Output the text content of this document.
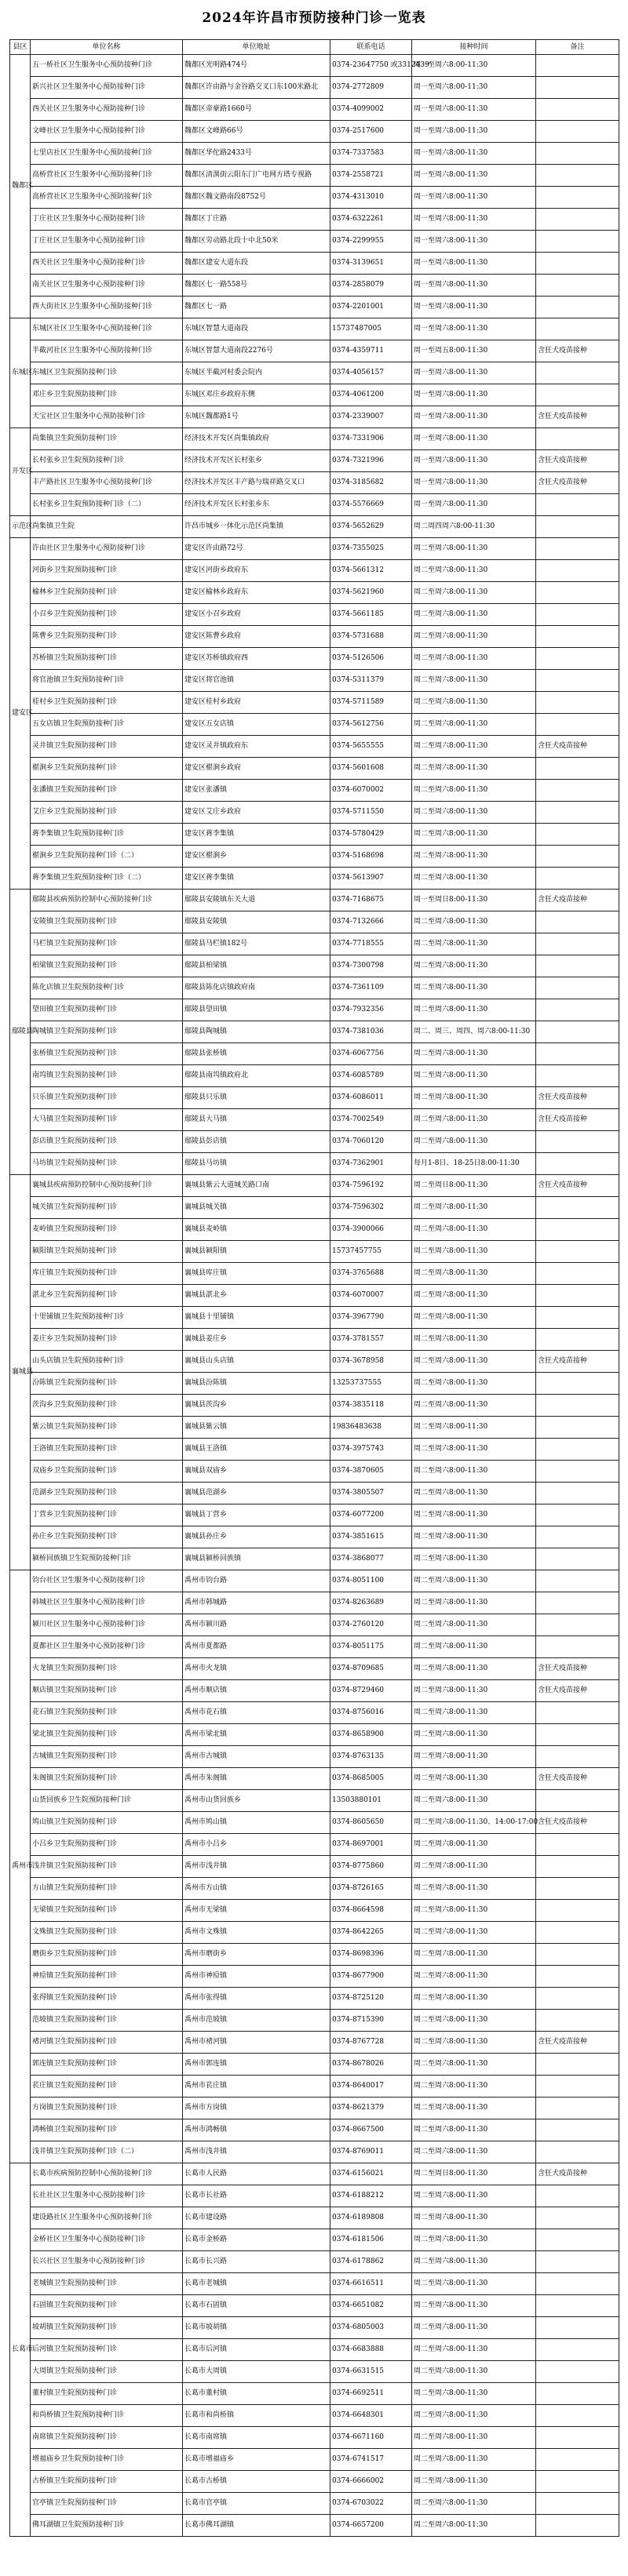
2024年许昌市预防接种门诊一览表
县区	单位名称	单位地址	联系电话	接种时间	备注
魏都区	五一桥社区卫生服务中心预防接种门诊	魏都区光明路474号	0374-23647750 或3312439	周一至周六8:00-11:30	
	新兴社区卫生服务中心预防接种门诊	魏都区许由路与金谷路交叉口东100米路北	0374-2772809	周一至周六8:00-11:30	
	西关社区卫生服务中心预防接种门诊	魏都区帝豪路1660号	0374-4099002	周一至周六8:00-11:30	
	文峰社区卫生服务中心预防接种门诊	魏都区文峰路66号	0374-2517600	周一至周六8:00-11:30	
	七里店社区卫生服务中心预防接种门诊	魏都区华佗路2433号	0374-7337583	周一至周六8:00-11:30	
	高桥营社区卫生服务中心预防接种门诊	魏都区清潩街云阳东门广电网方塔专视路	0374-2558721	周一至周六8:00-11:30	
	高桥营社区卫生服务中心预防接种门诊	魏都区魏文路南段8752号	0374-4313010	周一至周六8:00-11:30	
	丁庄社区卫生服务中心预防接种门诊	魏都区丁庄路	0374-6322261	周一至周六8:00-11:30	
	丁庄社区卫生服务中心预防接种门诊	魏都区劳动路北段十中北50米	0374-2299955	周一至周六8:00-11:30	
	西关社区卫生服务中心预防接种门诊	魏都区建安大道东段	0374-3139651	周一至周六8:00-11:30	
	南关社区卫生服务中心预防接种门诊	魏都区七一路558号	0374-2858079	周一至周六8:00-11:30	
	西大街社区卫生服务中心预防接种门诊	魏都区七一路	0374-2201001	周一至周六8:00-11:30	
东城区	东城区社区卫生服务中心预防接种门诊	东城区智慧大道南段	15737487005	周一至周六8:00-11:30	
	半截河社区卫生服务中心预防接种门诊	东城区智慧大道南段2276号	0374-4359711	周一至周五8:00-11:30	含狂犬疫苗接种
	东城区卫生院预防接种门诊	东城区半截河村委会院内	0374-4056157	周一至周六8:00-11:30	
	邓庄乡卫生院预防接种门诊	东城区邓庄乡政府东侧	0374-4061200	周一至周六8:00-11:30	
	天宝社区卫生服务中心预防接种门诊	东城区魏都路1号	0374-2339007	周一至周六8:00-11:30	含狂犬疫苗接种
开发区	尚集镇卫生院预防接种门诊	经济技术开发区尚集镇政府	0374-7331906	周一至周六8:00-11:30	
	长村张乡卫生院预防接种门诊	经济技术开发区长村张乡	0374-7321996	周一至周六8:00-11:30	含狂犬疫苗接种
	丰产路社区卫生服务中心预防接种门诊	经济技术开发区丰产路与瑞祥路交叉口	0374-3185682	周一至周六8:00-11:30	含狂犬疫苗接种
	长村张乡卫生院预防接种门诊（二）	经济技术开发区长村张乡东	0374-5576669	周一至周六8:00-11:30	
示范区	尚集镇卫生院	许昌市城乡一体化示范区尚集镇	0374-5652629	周二周四周六8:00-11:30	
建安区	许由社区卫生服务中心预防接种门诊	建安区许由路72号	0374-7355025	周二至周六8:00-11:30	
	河街乡卫生院预防接种门诊	建安区河街乡政府东	0374-5661312	周二至周六8:00-11:30	
	榆林乡卫生院预防接种门诊	建安区榆林乡政府东	0374-5621960	周二至周六8:00-11:30	
	小召乡卫生院预防接种门诊	建安区小召乡政府	0374-5661185	周二至周六8:00-11:30	
	陈曹乡卫生院预防接种门诊	建安区陈曹乡政府	0374-5731688	周二至周六8:00-11:30	
	苏桥镇卫生院预防接种门诊	建安区苏桥镇政府西	0374-5126506	周二至周六8:00-11:30	
	将官池镇卫生院预防接种门诊	建安区将官池镇	0374-5311379	周二至周六8:00-11:30	
	桂村乡卫生院预防接种门诊	建安区桂村乡政府	0374-5711589	周二至周六8:00-11:30	
	五女店镇卫生院预防接种门诊	建安区五女店镇	0374-5612756	周二至周六8:00-11:30	
	灵井镇卫生院预防接种门诊	建安区灵井镇政府东	0374-5655555	周二至周六8:00-11:30	含狂犬疫苗接种
	椹涧乡卫生院预防接种门诊	建安区椹涧乡政府	0374-5601608	周二至周六8:00-11:30	
	张潘镇卫生院预防接种门诊	建安区张潘镇	0374-6070002	周二至周六8:00-11:30	
	艾庄乡卫生院预防接种门诊	建安区艾庄乡政府	0374-5711550	周二至周六8:00-11:30	
	蒋李集镇卫生院预防接种门诊	建安区蒋李集镇	0374-5780429	周二至周六8:00-11:30	
	椹涧乡卫生院预防接种门诊（二）	建安区椹涧乡	0374-5168698	周二至周六8:00-11:30	
	蒋李集镇卫生院预防接种门诊（二）	建安区蒋李集镇	0374-5613907	周二至周六8:00-11:30	
鄢陵县	鄢陵县疾病预防控制中心预防接种门诊	鄢陵县安陵镇东关大道	0374-7168675	周一至周日8:00-11:30	含狂犬疫苗接种
	安陵镇卫生院预防接种门诊	鄢陵县安陵镇	0374-7132666	周二至周六8:00-11:30	
	马栏镇卫生院预防接种门诊	鄢陵县马栏镇182号	0374-7718555	周二至周六8:00-11:30	
	柏梁镇卫生院预防接种门诊	鄢陵县柏梁镇	0374-7300798	周二至周六8:00-11:30	
	陈化店镇卫生院预防接种门诊	鄢陵县陈化店镇政府南	0374-7361109	周二至周六8:00-11:30	
	望田镇卫生院预防接种门诊	鄢陵县望田镇	0374-7932356	周二至周六8:00-11:30	
	陶城镇卫生院预防接种门诊	鄢陵县陶城镇	0374-7381036	周二、周三、周四、周六8:00-11:30	
	张桥镇卫生院预防接种门诊	鄢陵县张桥镇	0374-6067756	周二至周六8:00-11:30	
	南坞镇卫生院预防接种门诊	鄢陵县南坞镇政府北	0374-6085789	周二至周六8:00-11:30	
	只乐镇卫生院预防接种门诊	鄢陵县只乐镇	0374-6086011	周二至周六8:00-11:30	含狂犬疫苗接种
	大马镇卫生院预防接种门诊	鄢陵县大马镇	0374-7002549	周二至周六8:00-11:30	含狂犬疫苗接种
	彭店镇卫生院预防接种门诊	鄢陵县彭店镇	0374-7060120	周二至周六8:00-11:30	
	马坊镇卫生院预防接种门诊	鄢陵县马坊镇	0374-7362901	每月1-8日、18-25日8:00-11:30	
襄城县	襄城县疾病预防控制中心预防接种门诊	襄城县紫云大道城关路口南	0374-7596192	周二至周日8:00-11:30	含狂犬疫苗接种
	城关镇卫生院预防接种门诊	襄城县城关镇	0374-7596302	周二至周六8:00-11:30	
	麦岭镇卫生院预防接种门诊	襄城县麦岭镇	0374-3900066	周二至周六8:00-11:30	
	颍阳镇卫生院预防接种门诊	襄城县颍阳镇	15737457755	周二至周六8:00-11:30	
	库庄镇卫生院预防接种门诊	襄城县库庄镇	0374-3765688	周二至周六8:00-11:30	
	湛北乡卫生院预防接种门诊	襄城县湛北乡	0374-6070007	周二至周六8:00-11:30	
	十里铺镇卫生院预防接种门诊	襄城县十里铺镇	0374-3967790	周二至周六8:00-11:30	
	姜庄乡卫生院预防接种门诊	襄城县姜庄乡	0374-3781557	周二至周六8:00-11:30	
	山头店镇卫生院预防接种门诊	襄城县山头店镇	0374-3678958	周二至周六8:00-11:30	含狂犬疫苗接种
	汾陈镇卫生院预防接种门诊	襄城县汾陈镇	13253737555	周二至周六8:00-11:30	
	茨沟乡卫生院预防接种门诊	襄城县茨沟乡	0374-3835118	周二至周六8:00-11:30	
	紫云镇卫生院预防接种门诊	襄城县紫云镇	19836483638	周二至周六8:00-11:30	
	王洛镇卫生院预防接种门诊	襄城县王洛镇	0374-3975743	周二至周六8:00-11:30	
	双庙乡卫生院预防接种门诊	襄城县双庙乡	0374-3870605	周二至周六8:00-11:30	
	范湖乡卫生院预防接种门诊	襄城县范湖乡	0374-3805507	周二至周六8:00-11:30	
	丁营乡卫生院预防接种门诊	襄城县丁营乡	0374-6077200	周二至周六8:00-11:30	
	孙庄乡卫生院预防接种门诊	襄城县孙庄乡	0374-3851615	周二至周六8:00-11:30	
	颍桥回族镇卫生院预防接种门诊	襄城县颍桥回族镇	0374-3868077	周二至周六8:00-11:30	
禹州市	钧台社区卫生服务中心预防接种门诊	禹州市钧台路	0374-8051100	周二至周六8:00-11:30	
	韩城社区卫生服务中心预防接种门诊	禹州市韩城路	0374-8263689	周二至周六8:00-11:30	
	颍川社区卫生服务中心预防接种门诊	禹州市颍川路	0374-2760120	周二至周六8:00-11:30	
	夏都社区卫生服务中心预防接种门诊	禹州市夏都路	0374-8051175	周二至周六8:00-11:30	
	火龙镇卫生院预防接种门诊	禹州市火龙镇	0374-8709685	周二至周六8:00-11:30	含狂犬疫苗接种
	顺店镇卫生院预防接种门诊	禹州市顺店镇	0374-8729460	周二至周六8:00-11:30	含狂犬疫苗接种
	花石镇卫生院预防接种门诊	禹州市花石镇	0374-8756016	周二至周六8:00-11:30	
	梁北镇卫生院预防接种门诊	禹州市梁北镇	0374-8658900	周二至周六8:00-11:30	
	古城镇卫生院预防接种门诊	禹州市古城镇	0374-8763135	周二至周六8:00-11:30	
	朱阁镇卫生院预防接种门诊	禹州市朱阁镇	0374-8685005	周二至周六8:00-11:30	含狂犬疫苗接种
	山货回族乡卫生院预防接种门诊	禹州市山货回族乡	13503880101	周二至周六8:00-11:30	
	鸠山镇卫生院预防接种门诊	禹州市鸠山镇	0374-8605650	周二至周六8:00-11:30、14:00-17:00	含狂犬疫苗接种
	小吕乡卫生院预防接种门诊	禹州市小吕乡	0374-8697001	周二至周六8:00-11:30	
	浅井镇卫生院预防接种门诊	禹州市浅井镇	0374-8775860	周二至周六8:00-11:30	
	方山镇卫生院预防接种门诊	禹州市方山镇	0374-8726165	周二至周六8:00-11:30	
	无梁镇卫生院预防接种门诊	禹州市无梁镇	0374-8664598	周二至周六8:00-11:30	
	文殊镇卫生院预防接种门诊	禹州市文殊镇	0374-8642265	周二至周六8:00-11:30	
	磨街乡卫生院预防接种门诊	禹州市磨街乡	0374-8698396	周二至周六8:00-11:30	
	神垕镇卫生院预防接种门诊	禹州市神垕镇	0374-8677900	周二至周六8:00-11:30	
	张得镇卫生院预防接种门诊	禹州市张得镇	0374-8725120	周二至周六8:00-11:30	
	范坡镇卫生院预防接种门诊	禹州市范坡镇	0374-8715390	周二至周六8:00-11:30	
	褚河镇卫生院预防接种门诊	禹州市褚河镇	0374-8767728	周二至周六8:00-11:30	含狂犬疫苗接种
	郭连镇卫生院预防接种门诊	禹州市郭连镇	0374-8678026	周二至周六8:00-11:30	
	苌庄镇卫生院预防接种门诊	禹州市苌庄镇	0374-8640017	周二至周六8:00-11:30	
	方岗镇卫生院预防接种门诊	禹州市方岗镇	0374-8621379	周二至周六8:00-11:30	
	鸿畅镇卫生院预防接种门诊	禹州市鸿畅镇	0374-8667500	周二至周六8:00-11:30	
	浅井镇卫生院预防接种门诊（二）	禹州市浅井镇	0374-8769011	周二至周六8:00-11:30	
长葛市	长葛市疾病预防控制中心预防接种门诊	长葛市人民路	0374-6156021	周二至周日8:00-11:30	含狂犬疫苗接种
	长社社区卫生服务中心预防接种门诊	长葛市长社路	0374-6188212	周二至周六8:00-11:30	
	建设路社区卫生服务中心预防接种门诊	长葛市建设路	0374-6189808	周二至周六8:00-11:30	
	金桥社区卫生服务中心预防接种门诊	长葛市金桥路	0374-6181506	周二至周六8:00-11:30	
	长兴社区卫生服务中心预防接种门诊	长葛市长兴路	0374-6178862	周二至周六8:00-11:30	
	老城镇卫生院预防接种门诊	长葛市老城镇	0374-6616511	周二至周六8:00-11:30	
	石固镇卫生院预防接种门诊	长葛市石固镇	0374-6651082	周二至周六8:00-11:30	
	坡胡镇卫生院预防接种门诊	长葛市坡胡镇	0374-6805003	周二至周六8:00-11:30	
	后河镇卫生院预防接种门诊	长葛市后河镇	0374-6683888	周二至周六8:00-11:30	
	大周镇卫生院预防接种门诊	长葛市大周镇	0374-6631515	周二至周六8:00-11:30	
	董村镇卫生院预防接种门诊	长葛市董村镇	0374-6692511	周二至周六8:00-11:30	
	和尚桥镇卫生院预防接种门诊	长葛市和尚桥镇	0374-6648301	周二至周六8:00-11:30	
	南席镇卫生院预防接种门诊	长葛市南席镇	0374-6671160	周二至周六8:00-11:30	
	增福庙乡卫生院预防接种门诊	长葛市增福庙乡	0374-6741517	周二至周六8:00-11:30	
	古桥镇卫生院预防接种门诊	长葛市古桥镇	0374-6666002	周二至周六8:00-11:30	
	官亭镇卫生院预防接种门诊	长葛市官亭镇	0374-6703022	周二至周六8:00-11:30	
	佛耳湖镇卫生院预防接种门诊	长葛市佛耳湖镇	0374-6657200	周二至周六8:00-11:30	
